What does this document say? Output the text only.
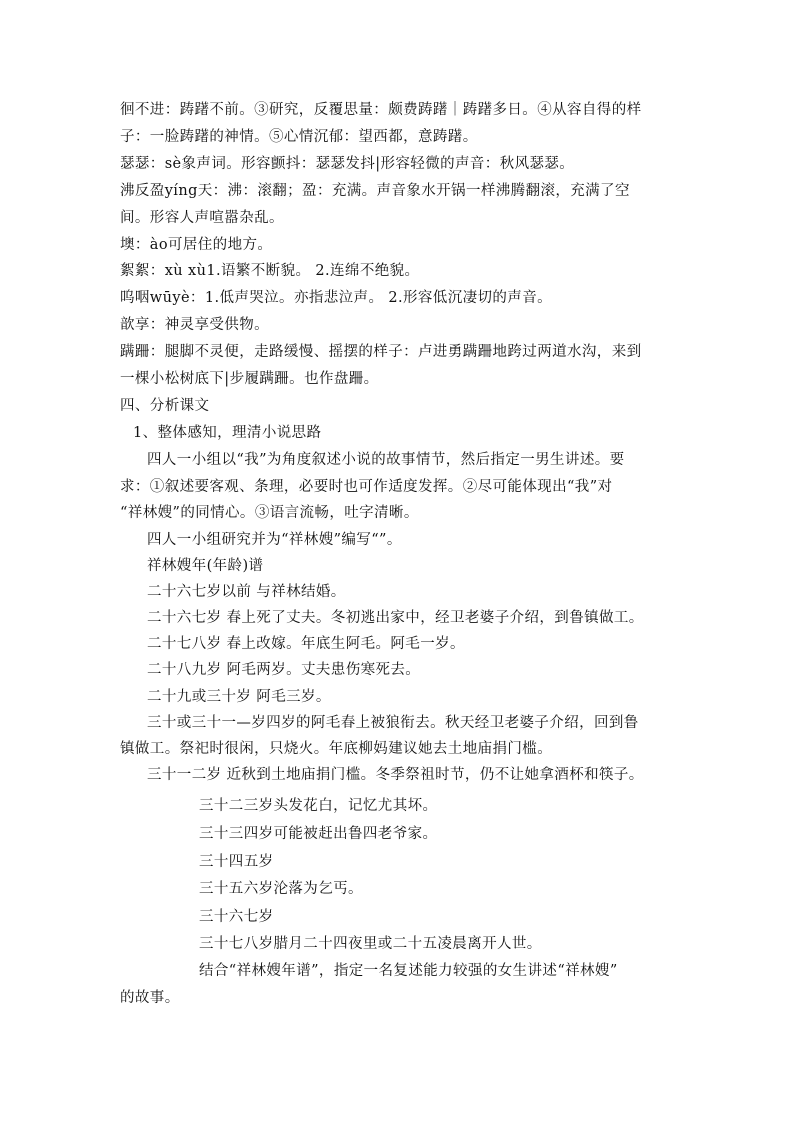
徊不进：踌躇不前。③研究，反覆思量：颇费踌躇｜踌躇多日。④从容自得的样
子：一脸踌躇的神情。⑤心情沉郁：望西都，意踌躇。
瑟瑟：sè象声词。形容颤抖：瑟瑟发抖|形容轻微的声音：秋风瑟瑟。
沸反盈yíng天：沸：滚翻；盈：充满。声音象水开锅一样沸腾翻滚，充满了空
间。形容人声喧嚣杂乱。
墺：ào可居住的地方。
絮絮：xù xù1.语繁不断貌。 2.连绵不绝貌。
呜咽wūyè：1.低声哭泣。亦指悲泣声。 2.形容低沉凄切的声音。
歆享：神灵享受供物。
蹒跚：腿脚不灵便，走路缓慢、摇摆的样子：卢进勇蹒跚地跨过两道水沟，来到
一棵小松树底下|步履蹒跚。也作盘跚。
四、分析课文
1、整体感知，理清小说思路
四人一小组以“我”为角度叙述小说的故事情节，然后指定一男生讲述。要
求：①叙述要客观、条理，必要时也可作适度发挥。②尽可能体现出“我”对
“祥林嫂”的同情心。③语言流畅，吐字清晰。
四人一小组研究并为“祥林嫂”编写“”。
祥林嫂年(年龄)谱
二十六七岁以前 与祥林结婚。
二十六七岁 春上死了丈夫。冬初逃出家中，经卫老婆子介绍，到鲁镇做工。
二十七八岁 春上改嫁。年底生阿毛。阿毛一岁。
二十八九岁 阿毛两岁。丈夫患伤寒死去。
二十九或三十岁 阿毛三岁。
三十或三十一—岁四岁的阿毛春上被狼衔去。秋天经卫老婆子介绍，回到鲁
镇做工。祭祀时很闲，只烧火。年底柳妈建议她去土地庙捐门槛。
三十一二岁 近秋到土地庙捐门槛。冬季祭祖时节，仍不让她拿酒杯和筷子。
三十二三岁头发花白，记忆尤其坏。
三十三四岁可能被赶出鲁四老爷家。
三十四五岁
三十五六岁沦落为乞丐。
三十六七岁
三十七八岁腊月二十四夜里或二十五凌晨离开人世。
结合“祥林嫂年谱”，指定一名复述能力较强的女生讲述“祥林嫂”
的故事。
